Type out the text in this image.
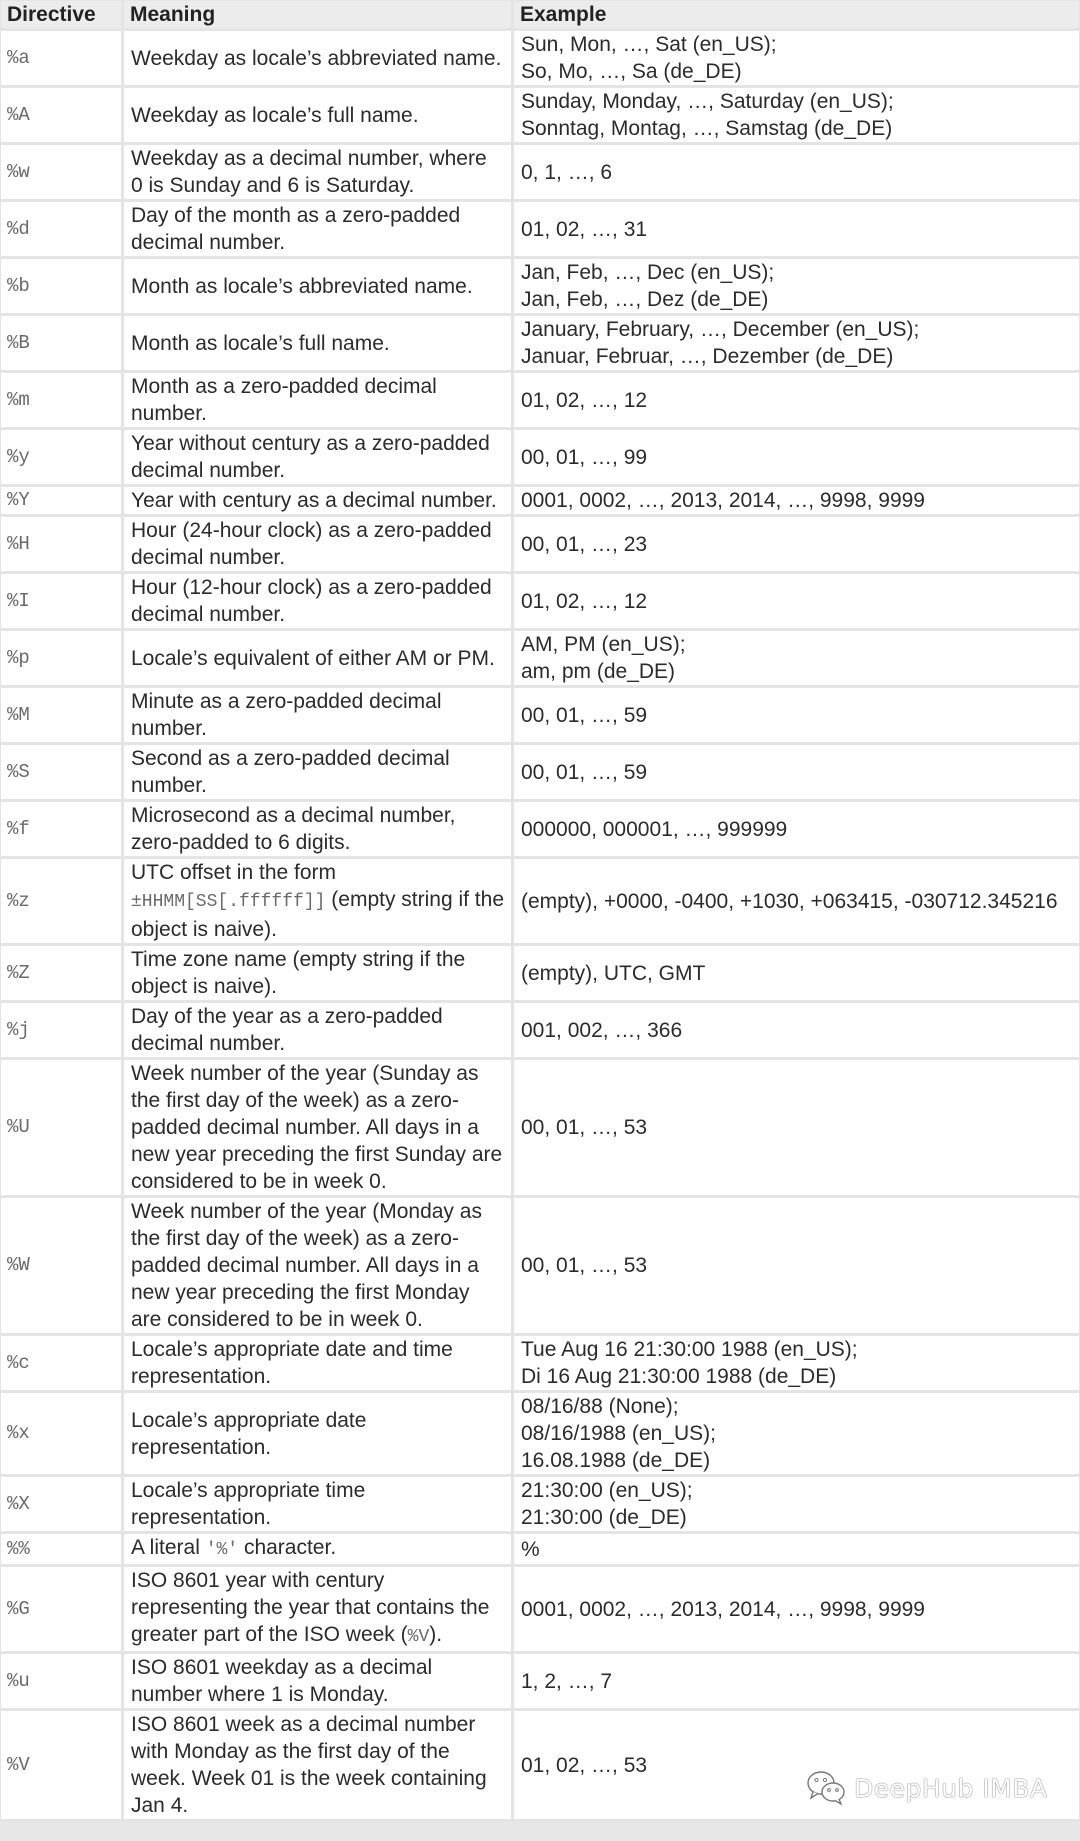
Directive	Meaning	Example
%a	Weekday as locale’s abbreviated name.	Sun, Mon, …, Sat (en_US);
So, Mo, …, Sa (de_DE)

%A	Weekday as locale’s full name.	Sunday, Monday, …, Saturday (en_US);
Sonntag, Montag, …, Samstag (de_DE)

%w	Weekday as a decimal number, where 0 is Sunday and 6 is Saturday.	0, 1, …, 6

%d	Day of the month as a zero-padded decimal number.	01, 02, …, 31

%b	Month as locale’s abbreviated name.	Jan, Feb, …, Dec (en_US);
Jan, Feb, …, Dez (de_DE)

%B	Month as locale’s full name.	January, February, …, December (en_US);
Januar, Februar, …, Dezember (de_DE)

%m	Month as a zero-padded decimal number.	01, 02, …, 12

%y	Year without century as a zero-padded decimal number.	00, 01, …, 99

%Y	Year with century as a decimal number.	0001, 0002, …, 2013, 2014, …, 9998, 9999

%H	Hour (24-hour clock) as a zero-padded decimal number.	00, 01, …, 23

%I	Hour (12-hour clock) as a zero-padded decimal number.	01, 02, …, 12

%p	Locale’s equivalent of either AM or PM.	AM, PM (en_US);
am, pm (de_DE)

%M	Minute as a zero-padded decimal number.	00, 01, …, 59

%S	Second as a zero-padded decimal number.	00, 01, …, 59

%f	Microsecond as a decimal number, zero-padded to 6 digits.	000000, 000001, …, 999999

%z	UTC offset in the form ±HHMM[SS[.ffffff]] (empty string if the object is naive).	(empty), +0000, -0400, +1030, +063415, -030712.345216

%Z	Time zone name (empty string if the object is naive).	(empty), UTC, GMT

%j	Day of the year as a zero-padded decimal number.	001, 002, …, 366

%U	Week number of the year (Sunday as the first day of the week) as a zero-padded decimal number. All days in a new year preceding the first Sunday are considered to be in week 0.	00, 01, …, 53

%W	Week number of the year (Monday as the first day of the week) as a zero-padded decimal number. All days in a new year preceding the first Monday are considered to be in week 0.	00, 01, …, 53

%c	Locale’s appropriate date and time representation.	Tue Aug 16 21:30:00 1988 (en_US);
Di 16 Aug 21:30:00 1988 (de_DE)

%x	Locale’s appropriate date representation.	08/16/88 (None);
08/16/1988 (en_US);
16.08.1988 (de_DE)

%X	Locale’s appropriate time representation.	21:30:00 (en_US);
21:30:00 (de_DE)

%%	A literal '%' character.	%

%G	ISO 8601 year with century representing the year that contains the greater part of the ISO week (%V).	0001, 0002, …, 2013, 2014, …, 9998, 9999

%u	ISO 8601 weekday as a decimal number where 1 is Monday.	1, 2, …, 7

%V	ISO 8601 week as a decimal number with Monday as the first day of the week. Week 01 is the week containing Jan 4.	01, 02, …, 53
DeepHub IMBA
